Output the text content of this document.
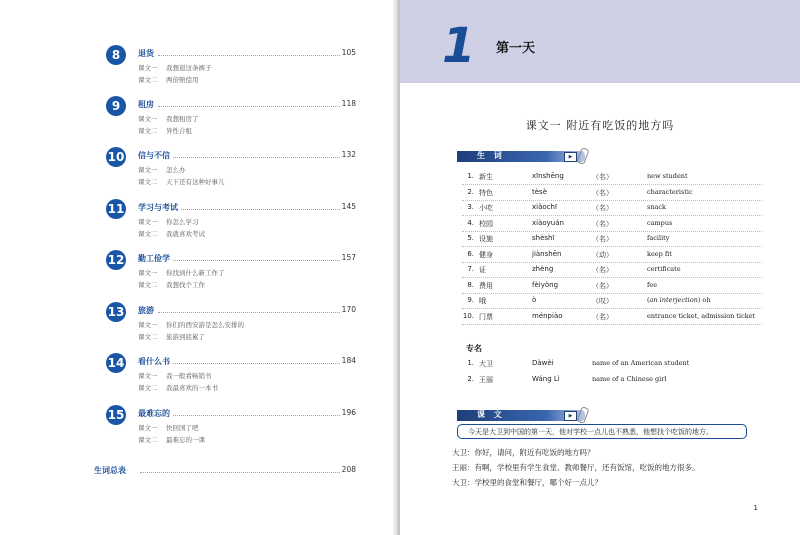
8	退货	105
课文一 我想退这条裤子
课文二 两倍赔偿用
9	租房	118
课文一 我想租房了
课文二 异性合租
10 信与不信	132
课文一 怎么办
课文二 天下还有这种好事儿
11 学习与考试	145
课文一 你怎么学习
课文二 我就喜欢考试
12 勤工俭学	157
课文一 你找到什么新工作了
课文二 我想找个工作
13 旅游	170
课文一 你们的西安游是怎么安排的
课文二 旅游到底累了
14 看什么书	184
课文一 我一般看畅销书
课文二 我最喜欢的一本书
15 最难忘的	196
课文一 快回国了吧
课文二 最难忘的一课
生词总表	208
1 第一天
课文一 附近有吃饭的地方吗
生 词	▶
1. 新生	xīnshēng	（名）	new student
2. 特色	tèsè	（名）	characteristic
3. 小吃	xiǎochī	（名）	snack
4. 校园	xiàoyuán	（名）	campus
5. 设施	shèshī	（名）	facility
6. 健身	jiànshēn	（动）	keep fit
7. 证	zhèng	（名）	certificate
8. 费用	fèiyòng	（名）	fee
9. 哦	ò	（叹）	(an interjection) oh
10. 门票	ménpiào	（名）	entrance ticket, admission ticket
专名
1. 大卫	Dàwèi	name of an American student
2. 王丽	Wáng Lì	name of a Chinese girl
课 文	▶
今天是大卫到中国的第一天，他对学校一点儿也不熟悉，他想找个吃饭的地方。
大卫：你好，请问，附近有吃饭的地方吗？
王丽：有啊，学校里有学生食堂、教师餐厅，还有饭馆，吃饭的地方很多。
大卫：学校里的食堂和餐厅，哪个好一点儿？
1
